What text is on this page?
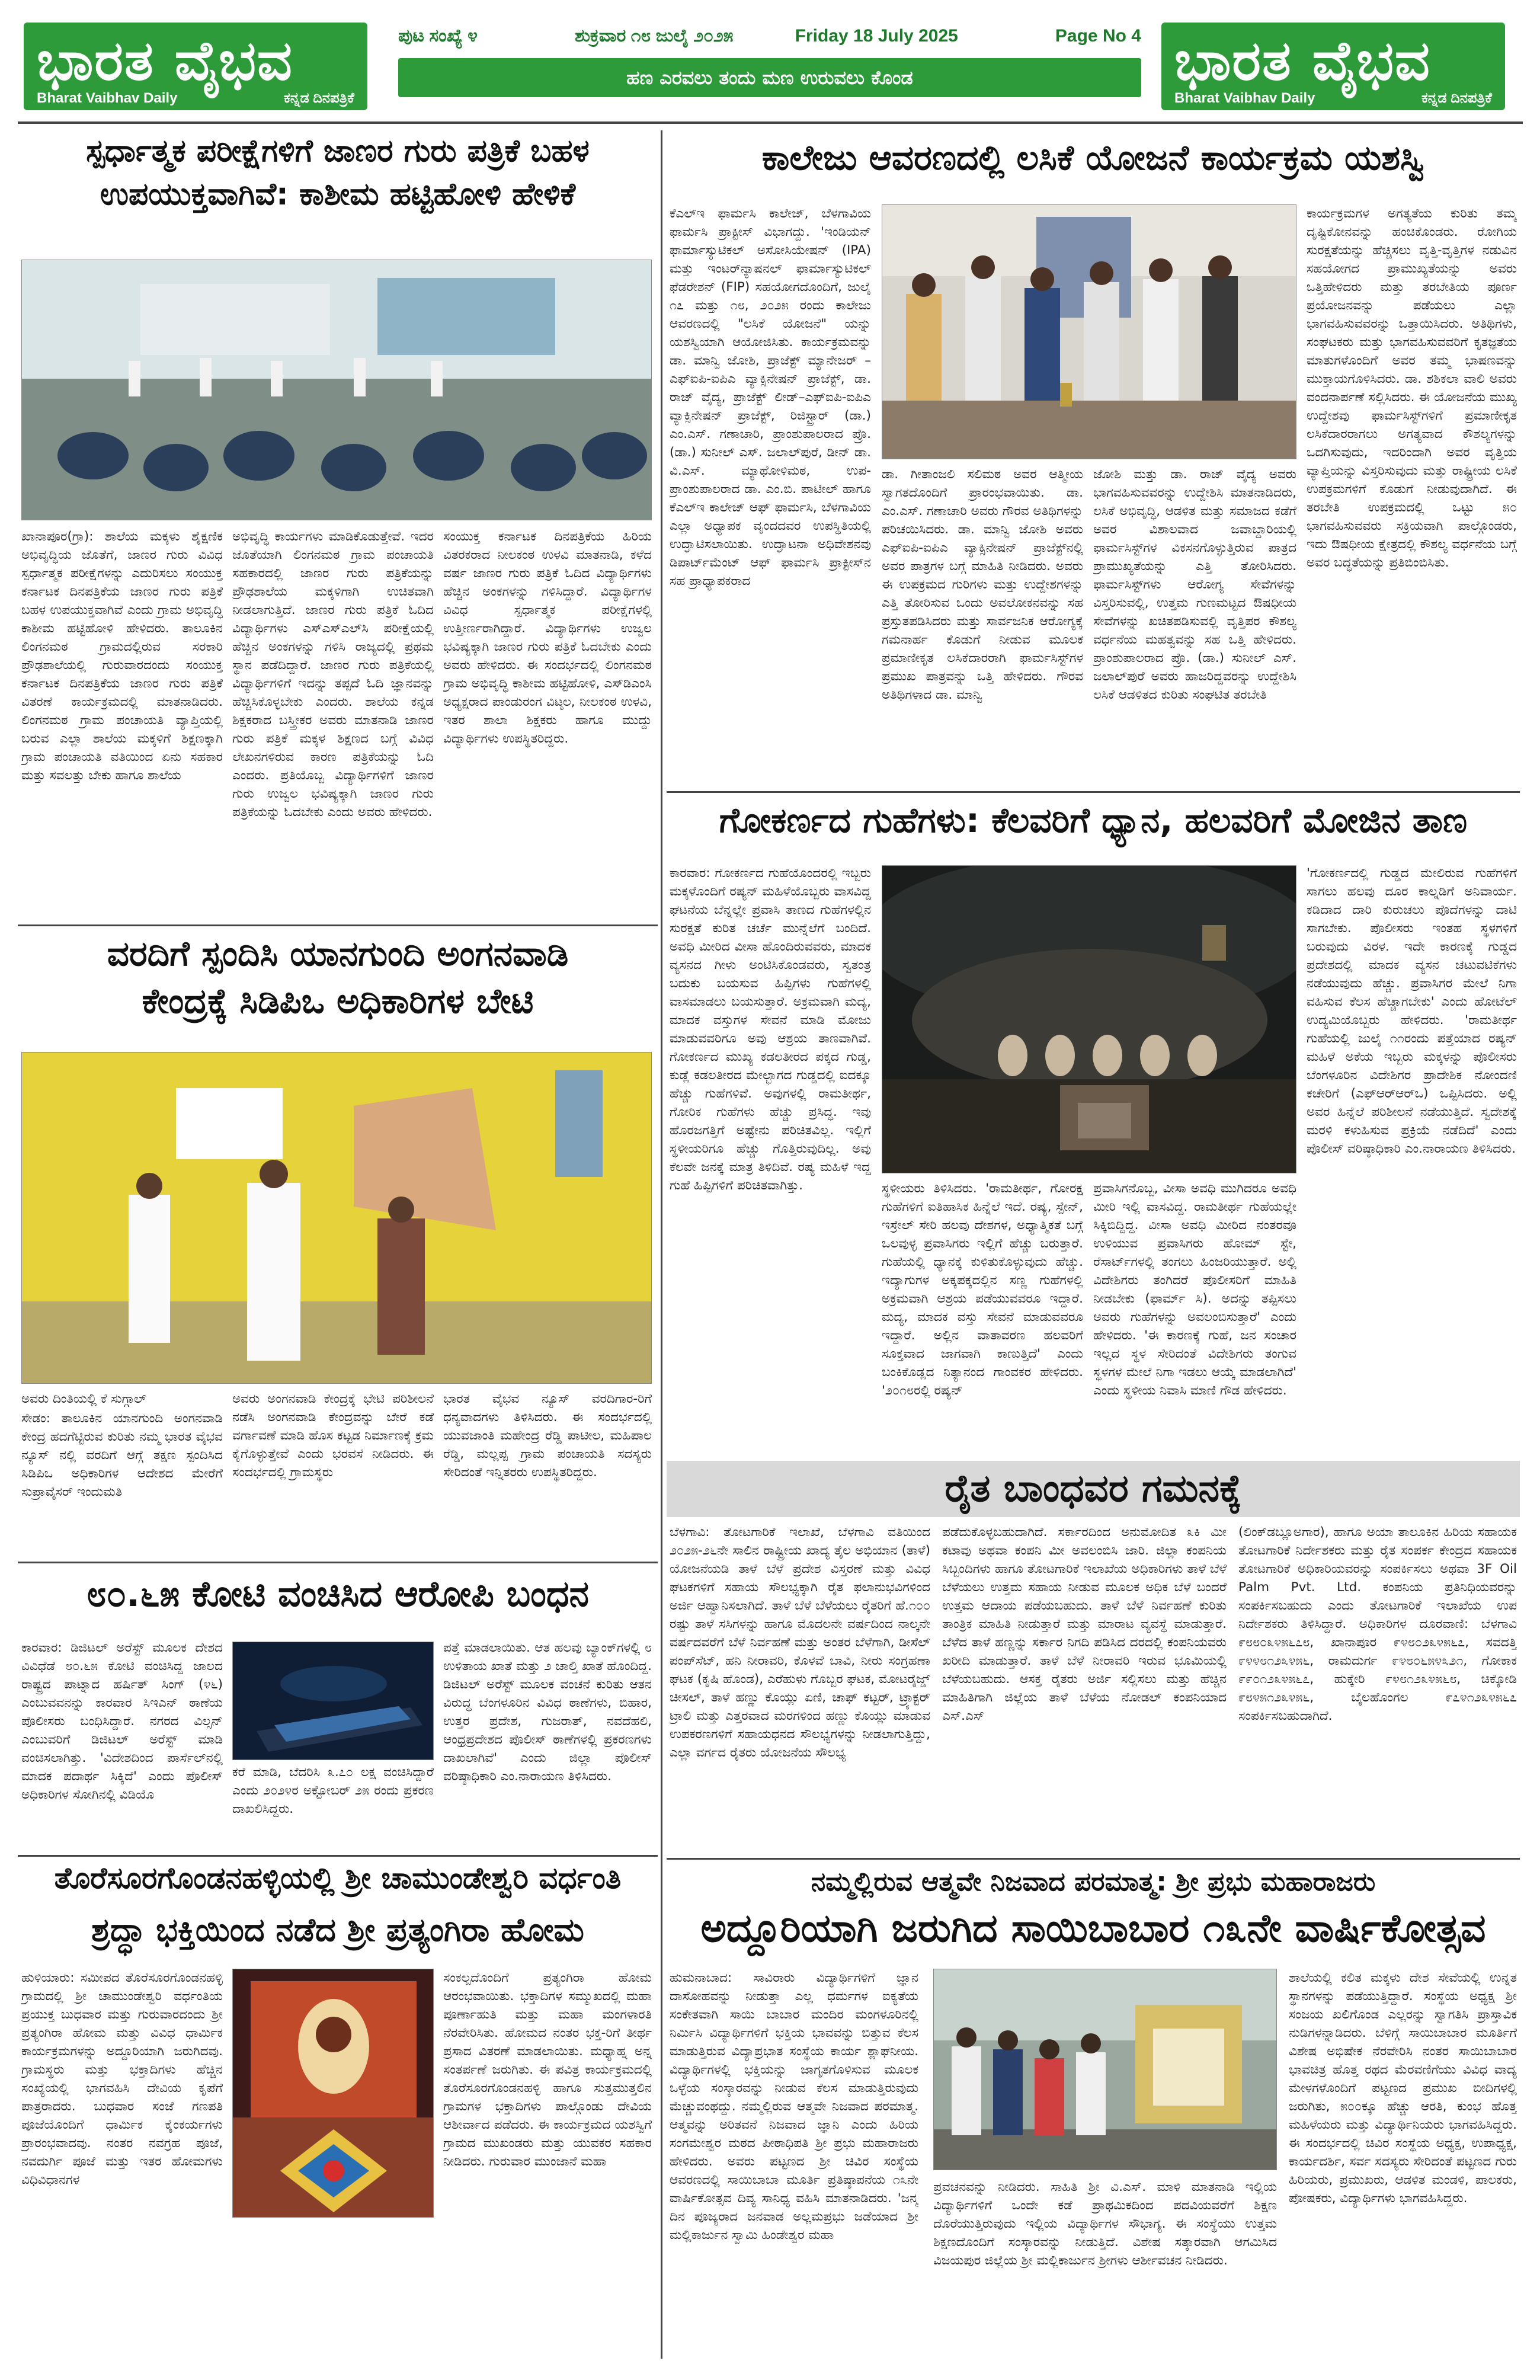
ಭಾರತ ವೈಭವ
Bharat Vaibhav Daily	ಕನ್ನಡ ದಿನಪತ್ರಿಕೆ
ಪುಟ ಸಂಖ್ಯೆ ೪	ಶುಕ್ರವಾರ ೧೮ ಜುಲೈ ೨೦೨೫	Friday 18 July 2025	Page No 4
ಹಣ ಎರವಲು ತಂದು ಮಣ ಉರುವಲು ಕೊಂಡ	ಭಾರತ ವೈಭವ
Bharat Vaibhav Daily	ಕನ್ನಡ ದಿನಪತ್ರಿಕೆ
ಸ್ಪರ್ಧಾತ್ಮಕ ಪರೀಕ್ಷೆಗಳಿಗೆ ಜಾಣರ ಗುರು ಪತ್ರಿಕೆ ಬಹಳ
ಉಪಯುಕ್ತವಾಗಿವೆ: ಕಾಶೀಮ ಹಟ್ಟಿಹೋಳಿ ಹೇಳಿಕೆ
ಖಾನಾಪೂರ(ಗ್ರಾ): ಶಾಲೆಯ ಮಕ್ಕಳು ಶೈಕ್ಷಣಿಕ ಅಭಿವೃದ್ಧಿಯ ಜೊತೆಗೆ, ಜಾಣರ ಗುರು ವಿವಿಧ ಸ್ಪರ್ಧಾತ್ಮಕ ಪರೀಕ್ಷೆಗಳನ್ನು ಎದುರಿಸಲು ಸಂಯುಕ್ತ ಕರ್ನಾಟಕ ದಿನಪತ್ರಿಕೆಯ ಜಾಣರ ಗುರು ಪತ್ರಿಕೆ ಬಹಳ ಉಪಯುಕ್ತವಾಗಿವೆ ಎಂದು ಗ್ರಾಮ ಅಭಿವೃದ್ಧಿ ಕಾಶೀಮ ಹಟ್ಟಿಹೋಳಿ ಹೇಳಿದರು. ತಾಲೂಕಿನ ಲಿಂಗನಮಠ ಗ್ರಾಮದಲ್ಲಿರುವ ಸರಕಾರಿ ಪ್ರೌಢಶಾಲೆಯಲ್ಲಿ ಗುರುವಾರದಂದು ಸಂಯುಕ್ತ ಕರ್ನಾಟಕ ದಿನಪತ್ರಿಕೆಯ ಜಾಣರ ಗುರು ಪತ್ರಿಕೆ ವಿತರಣೆ ಕಾರ್ಯಕ್ರಮದಲ್ಲಿ ಮಾತನಾಡಿದರು. ಲಿಂಗನಮಠ ಗ್ರಾಮ ಪಂಚಾಯತಿ ವ್ಯಾಪ್ತಿಯಲ್ಲಿ ಬರುವ ಎಲ್ಲಾ ಶಾಲೆಯ ಮಕ್ಕಳಿಗೆ ಶಿಕ್ಷಣಕ್ಕಾಗಿ ಗ್ರಾಮ ಪಂಚಾಯತಿ ವತಿಯಿಂದ ಏನು ಸಹಕಾರ ಮತ್ತು ಸವಲತ್ತು ಬೇಕು ಹಾಗೂ ಶಾಲೆಯ
ಅಭಿವೃದ್ಧಿ ಕಾರ್ಯಗಳು ಮಾಡಿಕೊಡುತ್ತೇವೆ. ಇದರ ಜೊತೆಯಾಗಿ ಲಿಂಗನಮಠ ಗ್ರಾಮ ಪಂಚಾಯತಿ ಸಹಕಾರದಲ್ಲಿ ಜಾಣರ ಗುರು ಪತ್ರಿಕೆಯನ್ನು ಪ್ರೌಢಶಾಲೆಯ ಮಕ್ಕಳಿಗಾಗಿ ಉಚಿತವಾಗಿ ನೀಡಲಾಗುತ್ತಿದೆ. ಜಾಣರ ಗುರು ಪತ್ರಿಕೆ ಓದಿದ ವಿದ್ಯಾರ್ಥಿಗಳು ಎಸ್‌ಎಸ್‌ಎಲ್‌ಸಿ ಪರೀಕ್ಷೆಯಲ್ಲಿ ಹೆಚ್ಚಿನ ಅಂಕಗಳನ್ನು ಗಳಿಸಿ ರಾಜ್ಯದಲ್ಲಿ ಪ್ರಥಮ ಸ್ಥಾನ ಪಡೆದಿದ್ದಾರೆ. ಜಾಣರ ಗುರು ಪತ್ರಿಕೆಯಲ್ಲಿ ವಿದ್ಯಾರ್ಥಿಗಳಿಗೆ ಇದನ್ನು ತಪ್ಪದೆ ಓದಿ ಜ್ಞಾನವನ್ನು ಹೆಚ್ಚಿಸಿಕೊಳ್ಳಬೇಕು ಎಂದರು. ಶಾಲೆಯ ಕನ್ನಡ ಶಿಕ್ಷಕರಾದ ಬಸ್ತ್ರೀಕರ ಅವರು ಮಾತನಾಡಿ ಜಾಣರ ಗುರು ಪತ್ರಿಕೆ ಮಕ್ಕಳ ಶಿಕ್ಷಣದ ಬಗ್ಗೆ ವಿವಿಧ ಲೇಖನಗಳಿರುವ ಕಾರಣ ಪತ್ರಿಕೆಯನ್ನು ಓದಿ ಎಂದರು. ಪ್ರತಿಯೊಬ್ಬ ವಿದ್ಯಾರ್ಥಿಗಳಿಗೆ ಜಾಣರ ಗುರು ಉಜ್ವಲ ಭವಿಷ್ಯಕ್ಕಾಗಿ ಜಾಣರ ಗುರು ಪತ್ರಿಕೆಯನ್ನು ಓದಬೇಕು ಎಂದು ಅವರು ಹೇಳಿದರು.
ಸಂಯುಕ್ತ ಕರ್ನಾಟಕ ದಿನಪತ್ರಿಕೆಯ ಹಿರಿಯ ವಿತರಕರಾದ ನೀಲಕಂಠ ಉಳವಿ ಮಾತನಾಡಿ, ಕಳೆದ ವರ್ಷ ಜಾಣರ ಗುರು ಪತ್ರಿಕೆ ಓದಿದ ವಿದ್ಯಾರ್ಥಿಗಳು ಹೆಚ್ಚಿನ ಅಂಕಗಳನ್ನು ಗಳಿಸಿದ್ದಾರೆ. ವಿದ್ಯಾರ್ಥಿಗಳ ವಿವಿಧ ಸ್ಪರ್ಧಾತ್ಮಕ ಪರೀಕ್ಷೆಗಳಲ್ಲಿ ಉತ್ತೀರ್ಣರಾಗಿದ್ದಾರೆ. ವಿದ್ಯಾರ್ಥಿಗಳು ಉಜ್ವಲ ಭವಿಷ್ಯಕ್ಕಾಗಿ ಜಾಣರ ಗುರು ಪತ್ರಿಕೆ ಓದಬೇಕು ಎಂದು ಅವರು ಹೇಳಿದರು. ಈ ಸಂದರ್ಭದಲ್ಲಿ ಲಿಂಗನಮಠ ಗ್ರಾಮ ಅಭಿವೃದ್ಧಿ ಕಾಶೀಮ ಹಟ್ಟಿಹೋಳಿ, ಎಸ್‌ಡಿಎಂಸಿ ಅಧ್ಯಕ್ಷರಾದ ಪಾಂಡುರಂಗ ವಿಟ್ಠಲ, ನೀಲಕಂಠ ಉಳವಿ, ಇತರ ಶಾಲಾ ಶಿಕ್ಷಕರು ಹಾಗೂ ಮುದ್ದು ವಿದ್ಯಾರ್ಥಿಗಳು ಉಪಸ್ಥಿತರಿದ್ದರು.
ವರದಿಗೆ ಸ್ಪಂದಿಸಿ ಯಾನಗುಂದಿ ಅಂಗನವಾಡಿ
ಕೇಂದ್ರಕ್ಕೆ ಸಿಡಿಪಿಒ ಅಧಿಕಾರಿಗಳ ಬೇಟಿ
ಅವರು ದಿಂತಿಯಲ್ಲಿ ಕೆ ಸುಗ್ಗಾಲ್
ಸೇಡಂ: ತಾಲೂಕಿನ ಯಾನಗುಂದಿ ಅಂಗನವಾಡಿ ಕೇಂದ್ರ ಹದಗೆಟ್ಟಿರುವ ಕುರಿತು ನಮ್ಮ ಭಾರತ ವೈಭವ ನ್ಯೂಸ್‌ ನಲ್ಲಿ ವರದಿಗೆ ಆಗ್ಗೆ ತಕ್ಷಣ ಸ್ಪಂದಿಸಿದ ಸಿಡಿಪಿಒ ಅಧಿಕಾರಿಗಳ ಆದೇಶದ ಮೇರೆಗೆ ಸುಪ್ರಾವೈಸರ್ ಇಂದುಮತಿ
ಅವರು ಅಂಗನವಾಡಿ ಕೇಂದ್ರಕ್ಕೆ ಭೇಟಿ ಪರಿಶೀಲನೆ ನಡೆಸಿ ಅಂಗನವಾಡಿ ಕೇಂದ್ರವನ್ನು ಬೇರೆ ಕಡೆ ವರ್ಗಾವಣೆ ಮಾಡಿ ಹೊಸ ಕಟ್ಟಡ ನಿರ್ಮಾಣಕ್ಕೆ ಕ್ರಮ ಕೈಗೊಳ್ಳುತ್ತೇವೆ ಎಂದು ಭರವಸೆ ನೀಡಿದರು. ಈ ಸಂದರ್ಭದಲ್ಲಿ ಗ್ರಾಮಸ್ಥರು
ಭಾರತ ವೈಭವ ನ್ಯೂಸ್ ವರದಿಗಾರ-ರಿಗೆ ಧನ್ಯವಾದಗಳು ತಿಳಿಸಿದರು. ಈ ಸಂದರ್ಭದಲ್ಲಿ ಯುವಜಾಂತಿ ಮಹೇಂದ್ರ ರೆಡ್ಡಿ ಪಾಟೀಲ, ಮಹಿಪಾಲ ರೆಡ್ಡಿ, ಮಲ್ಲಪ್ಪ ಗ್ರಾಮ ಪಂಚಾಯತಿ ಸದಸ್ಯರು ಸೇರಿದಂತೆ ಇನ್ನಿತರರು ಉಪಸ್ಥಿತರಿದ್ದರು.
೮೦.೬೫ ಕೋಟಿ ವಂಚಿಸಿದ ಆರೋಪಿ ಬಂಧನ
ಕಾರವಾರ: ಡಿಜಿಟಲ್ ಅರೆಸ್ಟ್ ಮೂಲಕ ದೇಶದ ವಿವಿಧೆಡೆ ೮೦.೬೫ ಕೋಟಿ ವಂಚಿಸಿದ್ದ ಜಾಲದ ರಾಷ್ಟ್ರದ ಪಾಟ್ನಾದ ಹರ್ಷಿತ್ ಸಿಂಗ್ (೪೬) ಎಂಬುವವನನ್ನು ಕಾರವಾರ ಸಿಇಎನ್ ಠಾಣೆಯ ಪೊಲೀಸರು ಬಂಧಿಸಿದ್ದಾರೆ. ನಗರದ ವಿಲ್ಸನ್ ಎಂಬುವರಿಗೆ ಡಿಜಿಟಲ್ ಅರೆಸ್ಟ್ ಮಾಡಿ ವಂಚಿಸಲಾಗಿತ್ತು. 'ವಿದೇಶದಿಂದ ಪಾರ್ಸೆಲ್‌ನಲ್ಲಿ ಮಾದಕ ಪದಾರ್ಥ ಸಿಕ್ಕಿದೆ' ಎಂದು ಪೊಲೀಸ್ ಅಧಿಕಾರಿಗಳ ಸೋಗಿನಲ್ಲಿ ವಿಡಿಯೊ
ಕರೆ ಮಾಡಿ, ಬೆದರಿಸಿ ೩.೭೦ ಲಕ್ಷ ವಂಚಿಸಿದ್ದಾರೆ ಎಂದು ೨೦೨೪ರ ಅಕ್ಟೋಬರ್ ೨೫ ರಂದು ಪ್ರಕರಣ ದಾಖಲಿಸಿದ್ದರು.
ಪತ್ತೆ ಮಾಡಲಾಯಿತು. ಆತ ಹಲವು ಬ್ಯಾಂಕ್‌ಗಳಲ್ಲಿ ೮ ಉಳಿತಾಯ ಖಾತೆ ಮತ್ತು ೨ ಚಾಲ್ತಿ ಖಾತೆ ಹೊಂದಿದ್ದ. ಡಿಜಿಟಲ್ ಅರೆಸ್ಟ್ ಮೂಲಕ ವಂಚನೆ ಕುರಿತು ಆತನ ವಿರುದ್ಧ ಬೆಂಗಳೂರಿನ ವಿವಿಧ ಠಾಣೆಗಳು, ಬಿಹಾರ, ಉತ್ತರ ಪ್ರದೇಶ, ಗುಜರಾತ್, ನವದೆಹಲಿ, ಆಂಧ್ರಪ್ರದೇಶದ ಪೊಲೀಸ್ ಠಾಣೆಗಳಲ್ಲಿ ಪ್ರಕರಣಗಳು ದಾಖಲಾಗಿವೆ' ಎಂದು ಜಿಲ್ಲಾ ಪೊಲೀಸ್ ವರಿಷ್ಠಾಧಿಕಾರಿ ಎಂ.ನಾರಾಯಣ ತಿಳಿಸಿದರು.
ತೊರೆಸೂರಗೊಂಡನಹಳ್ಳಿಯಲ್ಲಿ ಶ್ರೀ ಚಾಮುಂಡೇಶ್ವರಿ ವರ್ಧಂತಿ
ಶ್ರದ್ಧಾ ಭಕ್ತಿಯಿಂದ ನಡೆದ ಶ್ರೀ ಪ್ರತ್ಯಂಗಿರಾ ಹೋಮ
ಹುಳಿಯಾರು: ಸಮೀಪದ ತೊರೆಸೂರಗೊಂಡನಹಳ್ಳಿ ಗ್ರಾಮದಲ್ಲಿ ಶ್ರೀ ಚಾಮುಂಡೇಶ್ವರಿ ವರ್ಧಂತಿಯ ಪ್ರಯುಕ್ತ ಬುಧವಾರ ಮತ್ತು ಗುರುವಾರದಂದು ಶ್ರೀ ಪ್ರತ್ಯಂಗಿರಾ ಹೋಮ ಮತ್ತು ವಿವಿಧ ಧಾರ್ಮಿಕ ಕಾರ್ಯಕ್ರಮಗಳನ್ನು ಅದ್ದೂರಿಯಾಗಿ ಜರುಗಿದವು. ಗ್ರಾಮಸ್ಥರು ಮತ್ತು ಭಕ್ತಾದಿಗಳು ಹೆಚ್ಚಿನ ಸಂಖ್ಯೆಯಲ್ಲಿ ಭಾಗವಹಿಸಿ ದೇವಿಯ ಕೃಪೆಗೆ ಪಾತ್ರರಾದರು. ಬುಧವಾರ ಸಂಜೆ ಗಣಪತಿ ಪೂಜೆಯೊಂದಿಗೆ ಧಾರ್ಮಿಕ ಕೈಂಕರ್ಯಗಳು ಪ್ರಾರಂಭವಾದವು. ನಂತರ ನವಗ್ರಹ ಪೂಜೆ, ನವದುರ್ಗಿ ಪೂಜೆ ಮತ್ತು ಇತರ ಹೋಮಗಳು ವಿಧಿವಿಧಾನಗಳ
ಸಂಕಲ್ಪದೊಂದಿಗೆ ಪ್ರತ್ಯಂಗಿರಾ ಹೋಮ ಆರಂಭವಾಯಿತು. ಭಕ್ತಾದಿಗಳ ಸಮ್ಮುಖದಲ್ಲಿ ಮಹಾ ಪೂರ್ಣಾಹುತಿ ಮತ್ತು ಮಹಾ ಮಂಗಳಾರತಿ ನೆರವೇರಿಸಿತು. ಹೋಮದ ನಂತರ ಭಕ್ತ-ರಿಗೆ ತೀರ್ಥ ಪ್ರಸಾದ ವಿತರಣೆ ಮಾಡಲಾಯಿತು. ಮಧ್ಯಾಹ್ನ ಅನ್ನ ಸಂತರ್ಪಣೆ ಜರುಗಿತು. ಈ ಪವಿತ್ರ ಕಾರ್ಯಕ್ರಮದಲ್ಲಿ ತೊರೆಸೂರಗೊಂಡನಹಳ್ಳಿ ಹಾಗೂ ಸುತ್ತಮುತ್ತಲಿನ ಗ್ರಾಮಗಳ ಭಕ್ತಾದಿಗಳು ಪಾಲ್ಗೊಂಡು ದೇವಿಯ ಆಶೀರ್ವಾದ ಪಡೆದರು. ಈ ಕಾರ್ಯಕ್ರಮದ ಯಶಸ್ವಿಗೆ ಗ್ರಾಮದ ಮುಖಂಡರು ಮತ್ತು ಯುವಕರ ಸಹಕಾರ ನೀಡಿದರು. ಗುರುವಾರ ಮುಂಜಾನೆ ಮಹಾ
ಕಾಲೇಜು ಆವರಣದಲ್ಲಿ ಲಸಿಕೆ ಯೋಜನೆ ಕಾರ್ಯಕ್ರಮ ಯಶಸ್ವಿ
ಕೆಎಲ್‌ಇ ಫಾರ್ಮಸಿ ಕಾಲೇಜ್, ಬೆಳಗಾವಿಯ ಫಾರ್ಮಸಿ ಪ್ರಾಕ್ಟೀಸ್ ವಿಭಾಗದ್ದು. 'ಇಂಡಿಯನ್ ಫಾರ್ಮಾಸ್ಯುಟಿಕಲ್ ಅಸೋಸಿಯೇಷನ್ (IPA) ಮತ್ತು ಇಂಟರ್‌ನ್ಯಾಷನಲ್ ಫಾರ್ಮಾಸ್ಯುಟಿಕಲ್ ಫೆಡರೇಶನ್ (FIP) ಸಹಯೋಗದೊಂದಿಗೆ, ಜುಲೈ ೧೭ ಮತ್ತು ೧೮, ೨೦೨೫ ರಂದು ಕಾಲೇಜು ಆವರಣದಲ್ಲಿ "ಲಸಿಕೆ ಯೋಜನೆ" ಯನ್ನು ಯಶಸ್ವಿಯಾಗಿ ಆಯೋಜಿಸಿತು. ಕಾರ್ಯಕ್ರಮವನ್ನು ಡಾ. ಮಾನ್ವಿ ಜೋಶಿ, ಪ್ರಾಜೆಕ್ಟ್ ಮ್ಯಾನೇಜರ್ – ಎಫ್‌ಐಪಿ-ಐಪಿಎ ವ್ಯಾಕ್ಸಿನೇಷನ್ ಪ್ರಾಜೆಕ್ಟ್, ಡಾ. ರಾಜ್ ವೈದ್ಯ, ಪ್ರಾಜೆಕ್ಟ್ ಲೀಡ್–ಎಫ್‌ಐಪಿ-ಐಪಿಎ ವ್ಯಾಕ್ಸಿನೇಷನ್ ಪ್ರಾಜೆಕ್ಟ್, ರಿಜಿಸ್ಟ್ರಾರ್ (ಡಾ.) ಎಂ.ಎಸ್. ಗಣಾಚಾರಿ, ಪ್ರಾಂಶುಪಾಲರಾದ ಪ್ರೊ. (ಡಾ.) ಸುನೀಲ್ ಎಸ್. ಜಲಾಲ್‌ಪುರೆ, ಡೀನ್ ಡಾ. ವಿ.ಎಸ್. ಮ್ಯಾಥೋಳಿಮಠ, ಉಪ-ಪ್ರಾಂಶುಪಾಲರಾದ ಡಾ. ಎಂ.ಬಿ. ಪಾಟೀಲ್ ಹಾಗೂ ಕೆಎಲ್‌ಇ ಕಾಲೇಜ್ ಆಫ್ ಫಾರ್ಮಸಿ, ಬೆಳಗಾವಿಯ ಎಲ್ಲಾ ಅಧ್ಯಾಪಕ ವೃಂದದವರ ಉಪಸ್ಥಿತಿಯಲ್ಲಿ ಉದ್ಘಾಟಿಸಲಾಯಿತು. ಉದ್ಘಾಟನಾ ಅಧಿವೇಶನವು ಡಿಪಾರ್ಟ್‌ಮೆಂಟ್ ಆಫ್ ಫಾರ್ಮಸಿ ಪ್ರಾಕ್ಟೀಸ್‌ನ ಸಹ ಪ್ರಾಧ್ಯಾಪಕರಾದ
ಡಾ. ಗೀತಾಂಜಲಿ ಸಲಿಮಠ ಅವರ ಆತ್ಮೀಯ ಸ್ವಾಗತದೊಂದಿಗೆ ಪ್ರಾರಂಭವಾಯಿತು. ಡಾ. ಎಂ.ಎಸ್. ಗಣಾಚಾರಿ ಅವರು ಗೌರವ ಅತಿಥಿಗಳನ್ನು ಪರಿಚಯಿಸಿದರು. ಡಾ. ಮಾನ್ವಿ ಜೋಶಿ ಅವರು ಎಫ್‌ಐಪಿ-ಐಪಿಎ ವ್ಯಾಕ್ಸಿನೇಷನ್ ಪ್ರಾಜೆಕ್ಟ್‌ನಲ್ಲಿ ಅವರ ಪಾತ್ರಗಳ ಬಗ್ಗೆ ಮಾಹಿತಿ ನೀಡಿದರು. ಅವರು ಈ ಉಪಕ್ರಮದ ಗುರಿಗಳು ಮತ್ತು ಉದ್ದೇಶಗಳನ್ನು ಎತ್ತಿ ತೋರಿಸುವ ಒಂದು ಅವಲೋಕನವನ್ನು ಸಹ ಪ್ರಸ್ತುತಪಡಿಸಿದರು ಮತ್ತು ಸಾರ್ವಜನಿಕ ಆರೋಗ್ಯಕ್ಕೆ ಗಮನಾರ್ಹ ಕೊಡುಗೆ ನೀಡುವ ಮೂಲಕ ಪ್ರಮಾಣೀಕೃತ ಲಸಿಕೆದಾರರಾಗಿ ಫಾರ್ಮಸಿಸ್ಟ್‌ಗಳ ಪ್ರಮುಖ ಪಾತ್ರವನ್ನು ಒತ್ತಿ ಹೇಳಿದರು. ಗೌರವ ಅತಿಥಿಗಳಾದ ಡಾ. ಮಾನ್ವಿ
ಜೋಶಿ ಮತ್ತು ಡಾ. ರಾಜ್ ವೈದ್ಯ ಅವರು ಭಾಗವಹಿಸುವವರನ್ನು ಉದ್ದೇಶಿಸಿ ಮಾತನಾಡಿದರು, ಲಸಿಕೆ ಅಭಿವೃದ್ಧಿ, ಆಡಳಿತ ಮತ್ತು ಸಮಾಜದ ಕಡೆಗೆ ಅವರ ವಿಶಾಲವಾದ ಜವಾಬ್ದಾರಿಯಲ್ಲಿ ಫಾರ್ಮಸಿಸ್ಟ್‌ಗಳ ವಿಕಸನಗೊಳ್ಳುತ್ತಿರುವ ಪಾತ್ರದ ಪ್ರಾಮುಖ್ಯತೆಯನ್ನು ಎತ್ತಿ ತೋರಿಸಿದರು. ಫಾರ್ಮಸಿಸ್ಟ್‌ಗಳು ಆರೋಗ್ಯ ಸೇವೆಗಳನ್ನು ವಿಸ್ತರಿಸುವಲ್ಲಿ, ಉತ್ತಮ ಗುಣಮಟ್ಟದ ಔಷಧೀಯ ಸೇವೆಗಳನ್ನು ಖಚಿತಪಡಿಸುವಲ್ಲಿ ವೃತ್ತಿಪರ ಕೌಶಲ್ಯ ವರ್ಧನೆಯ ಮಹತ್ವವನ್ನು ಸಹ ಒತ್ತಿ ಹೇಳಿದರು. ಪ್ರಾಂಶುಪಾಲರಾದ ಪ್ರೊ. (ಡಾ.) ಸುನೀಲ್ ಎಸ್. ಜಲಾಲ್‌ಪುರೆ ಅವರು ಹಾಜರಿದ್ದವರನ್ನು ಉದ್ದೇಶಿಸಿ ಲಸಿಕೆ ಆಡಳಿತದ ಕುರಿತು ಸಂಘಟಿತ ತರಬೇತಿ
ಕಾರ್ಯಕ್ರಮಗಳ ಅಗತ್ಯತೆಯ ಕುರಿತು ತಮ್ಮ ದೃಷ್ಟಿಕೋನವನ್ನು ಹಂಚಿಕೊಂಡರು. ರೋಗಿಯ ಸುರಕ್ಷತೆಯನ್ನು ಹೆಚ್ಚಿಸಲು ವೃತ್ತಿ-ವೃತ್ತಿಗಳ ನಡುವಿನ ಸಹಯೋಗದ ಪ್ರಾಮುಖ್ಯತೆಯನ್ನು ಅವರು ಒತ್ತಿಹೇಳಿದರು ಮತ್ತು ತರಬೇತಿಯ ಪೂರ್ಣ ಪ್ರಯೋಜನವನ್ನು ಪಡೆಯಲು ಎಲ್ಲಾ ಭಾಗವಹಿಸುವವರನ್ನು ಒತ್ತಾಯಿಸಿದರು. ಅತಿಥಿಗಳು, ಸಂಘಟಕರು ಮತ್ತು ಭಾಗವಹಿಸುವವರಿಗೆ ಕೃತಜ್ಞತೆಯ ಮಾತುಗಳೊಂದಿಗೆ ಅವರ ತಮ್ಮ ಭಾಷಣವನ್ನು ಮುಕ್ತಾಯಗೊಳಿಸಿದರು. ಡಾ. ಶಶಿಕಲಾ ವಾಲಿ ಅವರು ವಂದನಾರ್ಪಣೆ ಸಲ್ಲಿಸಿದರು. ಈ ಯೋಜನೆಯ ಮುಖ್ಯ ಉದ್ದೇಶವು ಫಾರ್ಮಸಿಸ್ಟ್‌ಗಳಿಗೆ ಪ್ರಮಾಣೀಕೃತ ಲಸಿಕೆದಾರರಾಗಲು ಅಗತ್ಯವಾದ ಕೌಶಲ್ಯಗಳನ್ನು ಒದಗಿಸುವುದು, ಇದರಿಂದಾಗಿ ಅವರ ವೃತ್ತಿಯ ವ್ಯಾಪ್ತಿಯನ್ನು ವಿಸ್ತರಿಸುವುದು ಮತ್ತು ರಾಷ್ಟ್ರೀಯ ಲಸಿಕೆ ಉಪಕ್ರಮಗಳಿಗೆ ಕೊಡುಗೆ ನೀಡುವುದಾಗಿದೆ. ಈ ತರಬೇತಿ ಉಪಕ್ರಮದಲ್ಲಿ ಒಟ್ಟು ೫೦ ಭಾಗವಹಿಸುವವರು ಸಕ್ರಿಯವಾಗಿ ಪಾಲ್ಗೊಂಡರು, ಇದು ಔಷಧೀಯ ಕ್ಷೇತ್ರದಲ್ಲಿ ಕೌಶಲ್ಯ ವರ್ಧನೆಯ ಬಗ್ಗೆ ಅವರ ಬದ್ಧತೆಯನ್ನು ಪ್ರತಿಬಿಂಬಿಸಿತು.
ಗೋಕರ್ಣದ ಗುಹೆಗಳು: ಕೆಲವರಿಗೆ ಧ್ಯಾನ, ಹಲವರಿಗೆ ಮೋಜಿನ ತಾಣ
ಕಾರವಾರ: ಗೋಕರ್ಣದ ಗುಹೆಯೊಂದರಲ್ಲಿ ಇಬ್ಬರು ಮಕ್ಕಳೊಂದಿಗೆ ರಷ್ಯನ್ ಮಹಿಳೆಯೊಬ್ಬರು ವಾಸವಿದ್ದ ಘಟನೆಯ ಬೆನ್ನಲ್ಲೇ ಪ್ರವಾಸಿ ತಾಣದ ಗುಹೆಗಳಲ್ಲಿನ ಸುರಕ್ಷತೆ ಕುರಿತ ಚರ್ಚೆ ಮುನ್ನೆಲೆಗೆ ಬಂದಿದೆ. ಅವಧಿ ಮೀರಿದ ವೀಸಾ ಹೊಂದಿರುವವರು, ಮಾದಕ ವ್ಯಸನದ ಗೀಳು ಅಂಟಿಸಿಕೊಂಡವರು, ಸ್ವತಂತ್ರ ಬದುಕು ಬಯಸುವ ಹಿಪ್ಪಿಗಳು ಗುಹೆಗಳಲ್ಲಿ ವಾಸಮಾಡಲು ಬಯಸುತ್ತಾರೆ. ಅಕ್ರಮವಾಗಿ ಮದ್ಯ, ಮಾದಕ ವಸ್ತುಗಳ ಸೇವನೆ ಮಾಡಿ ಮೋಜು ಮಾಡುವವರಿಗೂ ಅವು ಆಶ್ರಯ ತಾಣವಾಗಿವೆ. ಗೋಕರ್ಣದ ಮುಖ್ಯ ಕಡಲತೀರದ ಪಕ್ಕದ ಗುಡ್ಡ, ಕುಡ್ಲೆ ಕಡಲತೀರದ ಮೇಲ್ಭಾಗದ ಗುಡ್ಡದಲ್ಲಿ ಐದಕ್ಕೂ ಹೆಚ್ಚು ಗುಹೆಗಳಿವೆ. ಅವುಗಳಲ್ಲಿ ರಾಮತೀರ್ಥ, ಗೋರಿಕ ಗುಹೆಗಳು ಹೆಚ್ಚು ಪ್ರಸಿದ್ಧ. ಇವು ಹೊರಜಗತ್ತಿಗೆ ಅಷ್ಟೇನು ಪರಿಚಿತವಿಲ್ಲ. ಇಲ್ಲಿಗೆ ಸ್ಥಳೀಯರಿಗೂ ಹೆಚ್ಚು ಗೊತ್ತಿರುವುದಿಲ್ಲ. ಅವು ಕೆಲವೇ ಜನಕ್ಕೆ ಮಾತ್ರ ತಿಳಿದಿವೆ. ರಷ್ಯ ಮಹಿಳೆ ಇದ್ದ ಗುಹೆ ಹಿಪ್ಪಿಗಳಿಗೆ ಪರಿಚಿತವಾಗಿತ್ತು.	ಸ್ಥಳೀಯರು ತಿಳಿಸಿದರು. 'ರಾಮತೀರ್ಥ, ಗೋರಕ್ಷ ಗುಹೆಗಳಿಗೆ ಐತಿಹಾಸಿಕ ಹಿನ್ನೆಲೆ ಇದೆ. ರಷ್ಯ, ಸ್ಪೇನ್, ಇಸ್ರೇಲ್ ಸೇರಿ ಹಲವು ದೇಶಗಳ, ಅಧ್ಯಾತ್ಮಿಕತೆ ಬಗ್ಗೆ ಒಲವುಳ್ಳ ಪ್ರವಾಸಿಗರು ಇಲ್ಲಿಗೆ ಹೆಚ್ಚು ಬರುತ್ತಾರೆ. ಗುಹೆಯಲ್ಲಿ ಧ್ಯಾನಕ್ಕೆ ಕುಳಿತುಕೊಳ್ಳುವುದು ಹೆಚ್ಚು. ಇದ್ಯಾಗುಗಳ ಅಕ್ಕಪಕ್ಕದಲ್ಲಿನ ಸಣ್ಣ ಗುಹೆಗಳಲ್ಲಿ ಅಕ್ರಮವಾಗಿ ಆಶ್ರಯ ಪಡೆಯುವವರೂ ಇದ್ದಾರೆ. ಮದ್ಯ, ಮಾದಕ ವಸ್ತು ಸೇವನೆ ಮಾಡುವವರೂ ಇದ್ದಾರೆ. ಅಲ್ಲಿನ ವಾತಾವರಣ ಹಲವರಿಗೆ ಸೂಕ್ತವಾದ ಜಾಗವಾಗಿ ಕಾಣುತ್ತಿದೆ' ಎಂದು ಬಂಕಿಕೊಡ್ಲದ ನಿತ್ಯಾನಂದ ಗಾಂವಕರ ಹೇಳಿದರು. '೨೦೧೮ರಲ್ಲಿ ರಷ್ಯನ್
ಪ್ರವಾಸಿಗನೊಬ್ಬ, ವೀಸಾ ಅವಧಿ ಮುಗಿದರೂ ಅವಧಿ ಮೀರಿ ಇಲ್ಲಿ ವಾಸವಿದ್ದ. ರಾಮತೀರ್ಥ ಗುಹೆಯಲ್ಲೇ ಸಿಕ್ಕಿಬಿದ್ದಿದ್ದ. ವೀಸಾ ಅವಧಿ ಮೀರಿದ ನಂತರವೂ ಉಳಿಯುವ ಪ್ರವಾಸಿಗರು ಹೋಮ್ ಸ್ಟೇ, ರೆಸಾರ್ಟ್‌ಗಳಲ್ಲಿ ತಂಗಲು ಹಿಂಜರಿಯುತ್ತಾರೆ. ಅಲ್ಲಿ ವಿದೇಶಿಗರು ತಂಗಿದರೆ ಪೊಲೀಸರಿಗೆ ಮಾಹಿತಿ ನೀಡಬೇಕು (ಫಾರ್ಮ್ ಸಿ). ಅದನ್ನು ತಪ್ಪಿಸಲು ಅವರು ಗುಹೆಗಳನ್ನು ಅವಲಂಬಿಸುತ್ತಾರೆ' ಎಂದು ಹೇಳಿದರು. 'ಈ ಕಾರಣಕ್ಕೆ ಗುಹೆ, ಜನ ಸಂಚಾರ ಇಲ್ಲದ ಸ್ಥಳ ಸೇರಿದಂತೆ ವಿದೇಶಿಗರು ತಂಗುವ ಸ್ಥಳಗಳ ಮೇಲೆ ನಿಗಾ ಇಡಲು ಆಯ್ಕೆ ಮಾಡಲಾಗಿದೆ' ಎಂದು ಸ್ಥಳೀಯ ನಿವಾಸಿ ಮಾಣಿ ಗೌಡ ಹೇಳಿದರು.
'ಗೋಕರ್ಣದಲ್ಲಿ ಗುಡ್ಡದ ಮೇಲಿರುವ ಗುಹೆಗಳಿಗೆ ಸಾಗಲು ಹಲವು ದೂರ ಕಾಲ್ನಡಿಗೆ ಅನಿವಾರ್ಯ. ಕಡಿದಾದ ದಾರಿ ಕುರುಚಲು ಪೊದೆಗಳನ್ನು ದಾಟಿ ಸಾಗಬೇಕು. ಪೊಲೀಸರು ಇಂತಹ ಸ್ಥಳಗಳಿಗೆ ಬರುವುದು ವಿರಳ. ಇದೇ ಕಾರಣಕ್ಕೆ ಗುಡ್ಡದ ಪ್ರದೇಶದಲ್ಲಿ ಮಾದಕ ವ್ಯಸನ ಚಟುವಟಿಕೆಗಳು ನಡೆಯುವುದು ಹೆಚ್ಚು. ಪ್ರವಾಸಿಗರ ಮೇಲೆ ನಿಗಾ ವಹಿಸುವ ಕೆಲಸ ಹೆಚ್ಚಾಗಬೇಕು' ಎಂದು ಹೋಟೆಲ್ ಉದ್ಯಮಿಯೊಬ್ಬರು ಹೇಳಿದರು. 'ರಾಮತೀರ್ಥ ಗುಹೆಯಲ್ಲಿ ಜುಲೈ ೧೧ರಂದು ಪತ್ತೆಯಾದ ರಷ್ಯನ್ ಮಹಿಳೆ ಅಕೆಯ ಇಬ್ಬರು ಮಕ್ಕಳನ್ನು ಪೊಲೀಸರು ಬೆಂಗಳೂರಿನ ವಿದೇಶಿಗರ ಪ್ರಾದೇಶಿಕ ನೋಂದಣಿ ಕಚೇರಿಗೆ (ಎಫ್‌ಆರ್‌ಆರ್‌ಒ) ಒಪ್ಪಿಸಿದರು. ಅಲ್ಲಿ ಅವರ ಹಿನ್ನೆಲೆ ಪರಿಶೀಲನೆ ನಡೆಯುತ್ತಿದೆ. ಸ್ವದೇಶಕ್ಕೆ ಮರಳಿ ಕಳುಹಿಸುವ ಪ್ರಕ್ರಿಯೆ ನಡೆದಿದೆ' ಎಂದು ಪೊಲೀಸ್ ವರಿಷ್ಠಾಧಿಕಾರಿ ಎಂ.ನಾರಾಯಣ ತಿಳಿಸಿದರು.
ರೈತ ಬಾಂಧವರ ಗಮನಕ್ಕೆ
ಬೆಳಗಾವಿ: ತೋಟಗಾರಿಕೆ ಇಲಾಖೆ, ಬೆಳಗಾವಿ ವತಿಯಿಂದ ೨೦೨೫-೨೬ನೇ ಸಾಲಿನ ರಾಷ್ಟ್ರೀಯ ಖಾದ್ಯ ತೈಲ ಅಭಿಯಾನ (ತಾಳೆ) ಯೋಜನೆಯಡಿ ತಾಳೆ ಬೆಳೆ ಪ್ರದೇಶ ವಿಸ್ತರಣೆ ಮತ್ತು ವಿವಿಧ ಘಟಕಗಳಿಗೆ ಸಹಾಯ ಸೌಲಭ್ಯಕ್ಕಾಗಿ ರೈತ ಫಲಾನುಭವಿಗಳಿಂದ ಅರ್ಜಿ ಆಹ್ವಾನಿಸಲಾಗಿದೆ. ತಾಳೆ ಬೆಳೆ ಬೆಳೆಯಲು ರೈತರಿಗೆ ಹೆ.೧೦೦ ರಷ್ಟು ತಾಳೆ ಸಸಿಗಳನ್ನು ಹಾಗೂ ಮೊದಲನೇ ವರ್ಷದಿಂದ ನಾಲ್ಕನೇ ವರ್ಷದವರೆಗೆ ಬೆಳೆ ನಿರ್ವಹಣೆ ಮತ್ತು ಅಂತರ ಬೆಳೆಗಾಗಿ, ಡೀಸೆಲ್ ಪಂಪ್‌ಸೆಟ್, ಹನಿ ನೀರಾವರಿ, ಕೊಳವೆ ಬಾವಿ, ನೀರು ಸಂಗ್ರಹಣಾ ಘಟಕ (ಕೃಷಿ ಹೊಂಡ), ಎರೆಹುಳು ಗೊಬ್ಬರ ಘಟಕ, ಮೋಟರೈಜ್ಡ್ ಚೀಸಲ್, ತಾಳೆ ಹಣ್ಣು ಕೊಯ್ಲು ಏಣಿ, ಚಾಫ್ ಕಟ್ಟರ್, ಟ್ರ್ಯಾಕ್ಟರ್ ಟ್ರಾಲಿ ಮತ್ತು ಎತ್ತರವಾದ ಮರಗಳಿಂದ ಹಣ್ಣು ಕೊಯ್ಲು ಮಾಡುವ ಉಪಕರಣಗಳಿಗೆ ಸಹಾಯಧನದ ಸೌಲಭ್ಯಗಳನ್ನು ನೀಡಲಾಗುತ್ತಿದ್ದು, ಎಲ್ಲಾ ವರ್ಗದ ರೈತರು ಯೋಜನೆಯ ಸೌಲಭ್ಯ
ಪಡೆದುಕೊಳ್ಳಬಹುದಾಗಿದೆ. ಸರ್ಕಾರದಿಂದ ಅನುಮೋದಿತ ೩ಕಿ ಮೀ ಕಟಾವು ಅಥವಾ ಕಂಪನಿ ಮೀ ಅವಲಂಬಿಸಿ ಜಾರಿ. ಜಿಲ್ಲಾ ಕಂಪನಿಯ ಸಿಬ್ಬಂದಿಗಳು ಹಾಗೂ ತೋಟಗಾರಿಕೆ ಇಲಾಖೆಯ ಅಧಿಕಾರಿಗಳು ತಾಳೆ ಬೆಳೆ ಬೆಳೆಯಲು ಉತ್ತಮ ಸಹಾಯ ನೀಡುವ ಮೂಲಕ ಅಧಿಕ ಬೆಳೆ ಬಂದರೆ ಉತ್ತಮ ಆದಾಯ ಪಡೆಯಬಹುದು. ತಾಳೆ ಬೆಳೆ ನಿರ್ವಹಣೆ ಕುರಿತು ತಾಂತ್ರಿಕ ಮಾಹಿತಿ ನೀಡುತ್ತಾರೆ ಮತ್ತು ಮಾರಾಟ ವ್ಯವಸ್ಥೆ ಮಾಡುತ್ತಾರೆ. ಬೆಳೆದ ತಾಳೆ ಹಣ್ಣನ್ನು ಸರ್ಕಾರ ನಿಗದಿ ಪಡಿಸಿದ ದರದಲ್ಲಿ ಕಂಪನಿಯವರು ಖರೀದಿ ಮಾಡುತ್ತಾರೆ. ತಾಳೆ ಬೆಳೆ ನೀರಾವರಿ ಇರುವ ಭೂಮಿಯಲ್ಲಿ ಬೆಳೆಯಬಹುದು. ಆಸಕ್ತ ರೈತರು ಅರ್ಜಿ ಸಲ್ಲಿಸಲು ಮತ್ತು ಹೆಚ್ಚಿನ ಮಾಹಿತಿಗಾಗಿ ಜಿಲ್ಲೆಯ ತಾಳೆ ಬೆಳೆಯ ನೋಡಲ್ ಕಂಪನಿಯಾದ ಎಸ್.ಎಸ್
(ಲಿಂಕ್‌ಡಬ್ಲೂಅಗಾರ), ಹಾಗೂ ಅಯಾ ತಾಲೂಕಿನ ಹಿರಿಯ ಸಹಾಯಕ ತೋಟಗಾರಿಕೆ ನಿರ್ದೇಶಕರು ಮತ್ತು ರೈತ ಸಂಪರ್ಕ ಕೇಂದ್ರದ ಸಹಾಯಕ ತೋಟಗಾರಿಕೆ ಅಧಿಕಾರಿಯವರನ್ನು ಸಂಪರ್ಕಿಸಲು ಅಥವಾ 3F Oil Palm Pvt. Ltd. ಕಂಪನಿಯ ಪ್ರತಿನಿಧಿಯವರನ್ನು ಸಂಪರ್ಕಿಸಬಹುದು ಎಂದು ತೋಟಗಾರಿಕೆ ಇಲಾಖೆಯ ಉಪ ನಿರ್ದೇಶಕರು ತಿಳಿಸಿದ್ದಾರೆ. ಅಧಿಕಾರಿಗಳ ದೂರವಾಣಿ: ಬೆಳಗಾವಿ ೯೮೮೦೩೪೫೬೭೮, ಖಾನಾಪೂರ ೯೪೮೦೨೩೪೫೬೭, ಸವದತ್ತಿ ೯೪೪೮೧೨೩೪೫೬, ರಾಮದುರ್ಗ ೯೪೮೦೬೫೪೩೨೧, ಗೋಕಾಕ ೯೯೦೧೨೩೪೫೬೭, ಹುಕ್ಕೇರಿ ೯೪೮೧೨೩೪೫೬೮, ಚಿಕ್ಕೋಡಿ ೯೮೪೫೧೨೩೪೫೬, ಬೈಲಹೊಂಗಲ ೯೭೪೧೨೩೪೫೬೭ ಸಂಪರ್ಕಿಸಬಹುದಾಗಿದೆ.
ನಮ್ಮಲ್ಲಿರುವ ಆತ್ಮವೇ ನಿಜವಾದ ಪರಮಾತ್ಮ: ಶ್ರೀ ಪ್ರಭು ಮಹಾರಾಜರು
ಅದ್ದೂರಿಯಾಗಿ ಜರುಗಿದ ಸಾಯಿಬಾಬಾರ ೧೩ನೇ ವಾರ್ಷಿಕೋತ್ಸವ
ಹುಮನಾಬಾದ: ಸಾವಿರಾರು ವಿದ್ಯಾರ್ಥಿಗಳಿಗೆ ಜ್ಞಾನ ದಾಸೋಹವನ್ನು ನೀಡುತ್ತಾ ಎಲ್ಲ ಧರ್ಮಗಳ ಐಕ್ಯತೆಯ ಸಂಕೇತವಾಗಿ ಸಾಯಿ ಬಾಬಾರ ಮಂದಿರ ಮಂಗಳೂರಿನಲ್ಲಿ ನಿರ್ಮಿಸಿ ವಿದ್ಯಾರ್ಥಿಗಳಿಗೆ ಭಕ್ತಿಯ ಭಾವವನ್ನು ಬಿತ್ತುವ ಕೆಲಸ ಮಾಡುತ್ತಿರುವ ವಿದ್ಯಾಪ್ರಭಾತ ಸಂಸ್ಥೆಯ ಕಾರ್ಯ ಶ್ಲಾಘನೀಯ. ವಿದ್ಯಾರ್ಥಿಗಳಲ್ಲಿ ಭಕ್ತಿಯನ್ನು ಜಾಗೃತಗೊಳಿಸುವ ಮೂಲಕ ಒಳ್ಳೆಯ ಸಂಸ್ಕಾರವನ್ನು ನೀಡುವ ಕೆಲಸ ಮಾಡುತ್ತಿರುವುದು ಮೆಚ್ಚುವಂಥದ್ದು. ನಮ್ಮಲ್ಲಿರುವ ಆತ್ಮವೇ ನಿಜವಾದ ಪರಮಾತ್ಮ. ಆತ್ಮವನ್ನು ಅರಿತವನೆ ನಿಜವಾದ ಜ್ಞಾನಿ ಎಂದು ಹಿರಿಯ ಸಂಗಮೇಶ್ವರ ಮಠದ ಪೀಠಾಧಿಪತಿ ಶ್ರೀ ಪ್ರಭು ಮಹಾರಾಜರು ಹೇಳಿದರು. ಅವರು ಪಟ್ಟಣದ ಶ್ರೀ ಚಿವಿರ ಸಂಸ್ಥೆಯ ಆವರಣದಲ್ಲಿ ಸಾಯಿಬಾಬಾ ಮೂರ್ತಿ ಪ್ರತಿಷ್ಠಾಪನೆಯ ೧೩ನೇ ವಾರ್ಷಿಕೋತ್ಸವ ದಿವ್ಯ ಸಾನಿಧ್ಯ ವಹಿಸಿ ಮಾತನಾಡಿದರು. 'ಜನ್ಮ ದಿನ ಪೂಜ್ಯರಾದ ಜನವಾಡ ಅಲ್ಲಮಪ್ರಭು ಜಡೆಯಾದ ಶ್ರೀ ಮಲ್ಲಿಕಾರ್ಜುನ ಸ್ವಾಮಿ ಹಿಂಡೇಶ್ವರ ಮಹಾ
ಪ್ರವಚನವನ್ನು ನೀಡಿದರು. ಸಾಹಿತಿ ಶ್ರೀ ವಿ.ಎಸ್. ಮಾಳಿ ಮಾತನಾಡಿ ಇಲ್ಲಿಯ ವಿದ್ಯಾರ್ಥಿಗಳಿಗೆ ಒಂದೇ ಕಡೆ ಪ್ರಾಥಮಿಕದಿಂದ ಪದವಿಯವರೆಗೆ ಶಿಕ್ಷಣ ದೊರೆಯುತ್ತಿರುವುದು ಇಲ್ಲಿಯ ವಿದ್ಯಾರ್ಥಿಗಳ ಸೌಭಾಗ್ಯ. ಈ ಸಂಸ್ಥೆಯು ಉತ್ತಮ ಶಿಕ್ಷಣದೊಂದಿಗೆ ಸಂಸ್ಕಾರವನ್ನು ನೀಡುತ್ತಿದೆ. ವಿಶೇಷ ಸತ್ಕಾರವಾಗಿ ಆಗಮಿಸಿದ ವಿಜಯಪುರ ಜಿಲ್ಲೆಯ ಶ್ರೀ ಮಲ್ಲಿಕಾರ್ಜುನ ಶ್ರೀಗಳು ಆರ್ಶೀವಚನ ನೀಡಿದರು.
ಶಾಲೆಯಲ್ಲಿ ಕಲಿತ ಮಕ್ಕಳು ದೇಶ ಸೇವೆಯಲ್ಲಿ ಉನ್ನತ ಸ್ಥಾನಗಳನ್ನು ಪಡೆಯುತ್ತಿದ್ದಾರೆ. ಸಂಸ್ಥೆಯ ಅಧ್ಯಕ್ಷ ಶ್ರೀ ಸಂಜಯ ಖಲಿಗೊಂಡ ಎಲ್ಲರನ್ನು ಸ್ವಾಗತಿಸಿ ಪ್ರಾಸ್ತಾವಿಕ ನುಡಿಗಳನ್ನಾಡಿದರು. ಬೆಳಿಗ್ಗೆ ಸಾಯಿಬಾಬಾರ ಮೂರ್ತಿಗೆ ವಿಶೇಷ ಅಭಿಷೇಕ ನೆರವೇರಿಸಿ ನಂತರ ಸಾಯಿಬಾಬಾರ ಭಾವಚಿತ್ರ ಹೊತ್ತ ರಥದ ಮೆರವಣಿಗೆಯು ವಿವಿಧ ವಾದ್ಯ ಮೇಳಗಳೊಂದಿಗೆ ಪಟ್ಟಣದ ಪ್ರಮುಖ ಬೀದಿಗಳಲ್ಲಿ ಜರುಗಿತು, ೫೦೦ಕ್ಕೂ ಹೆಚ್ಚು ಆರತಿ, ಕುಂಭ ಹೊತ್ತ ಮಹಿಳೆಯರು ಮತ್ತು ವಿದ್ಯಾರ್ಥಿನಿಯರು ಭಾಗವಹಿಸಿದ್ದರು. ಈ ಸಂದರ್ಭದಲ್ಲಿ ಚಿವಿರ ಸಂಸ್ಥೆಯ ಅಧ್ಯಕ್ಷ, ಉಪಾಧ್ಯಕ್ಷ, ಕಾರ್ಯದರ್ಶಿ, ಸರ್ವ ಸದಸ್ಯರು ಸೇರಿದಂತೆ ಪಟ್ಟಣದ ಗುರು ಹಿರಿಯರು, ಪ್ರಮುಖರು, ಆಡಳಿತ ಮಂಡಳಿ, ಪಾಲಕರು, ಪೋಷಕರು, ವಿದ್ಯಾರ್ಥಿಗಳು ಭಾಗವಹಿಸಿದ್ದರು.
